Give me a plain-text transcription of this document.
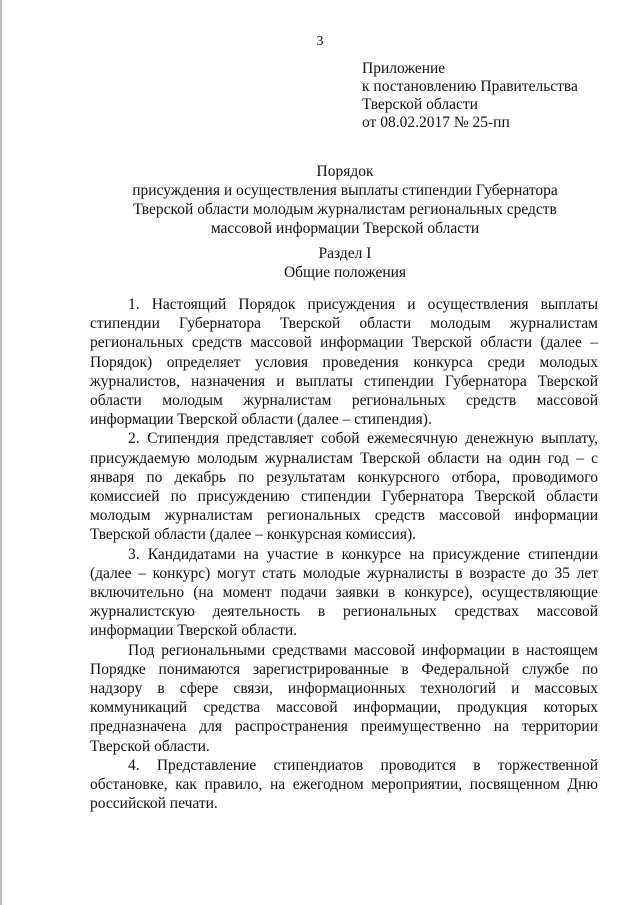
3
Приложение
к постановлению Правительства
Тверской области
от 08.02.2017 № 25-пп
Порядок
присуждения и осуществления выплаты стипендии Губернатора
Тверской области молодым журналистам региональных средств
массовой информации Тверской области
Раздел I
Общие положения

1. Настоящий Порядок присуждения и осуществления выплаты стипендии Губернатора Тверской области молодым журналистам региональных средств массовой информации Тверской области (далее – Порядок) определяет условия проведения конкурса среди молодых журналистов, назначения и выплаты стипендии Губернатора Тверской области молодым журналистам региональных средств массовой информации Тверской области (далее – стипендия).

2. Стипендия представляет собой ежемесячную денежную выплату, присуждаемую молодым журналистам Тверской области на один год – с января по декабрь по результатам конкурсного отбора, проводимого комиссией по присуждению стипендии Губернатора Тверской области молодым журналистам региональных средств массовой информации Тверской области (далее – конкурсная комиссия).

3. Кандидатами на участие в конкурсе на присуждение стипендии (далее – конкурс) могут стать молодые журналисты в возрасте до 35 лет включительно (на момент подачи заявки в конкурсе), осуществляющие журналистскую деятельность в региональных средствах массовой информации Тверской области.

Под региональными средствами массовой информации в настоящем Порядке понимаются зарегистрированные в Федеральной службе по надзору в сфере связи, информационных технологий и массовых коммуникаций средства массовой информации, продукция которых предназначена для распространения преимущественно на территории Тверской области.

4. Представление стипендиатов проводится в торжественной обстановке, как правило, на ежегодном мероприятии, посвященном Дню российской печати.
